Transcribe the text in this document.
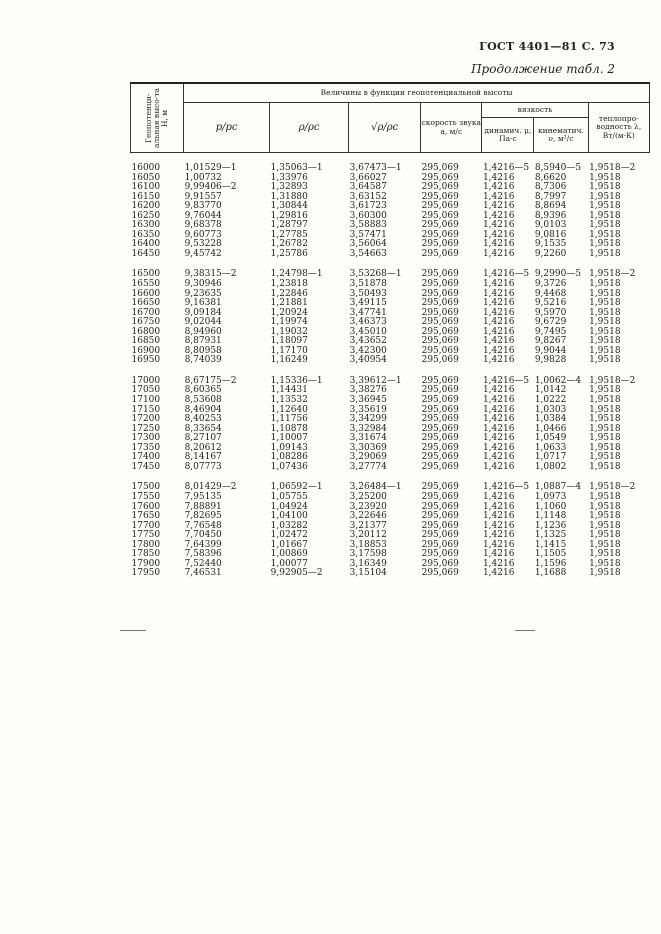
ГОСТ 4401—81 С. 73
Продолжение табл. 2
Геопотенци-альная высо-та H, м	Величины в функции геопотенциальной высоты						
	p/pc	ρ/ρc	√ρ/ρc	скорость звука a, м/с	вязкость		теплопро-водность λ, Вт/(м·К)
					динамич. μ, Па·с	кинематич. ν, м²/с	

16000	1,01529—1	1,35063—1	3,67473—1	295,069	1,4216—5	8,5940—5	1,9518—2
16050	1,00732	1,33976	3,66027	295,069	1,4216	8,6620	1,9518
16100	9,99406—2	1,32893	3,64587	295,069	1,4216	8,7306	1,9518
16150	9,91557	1,31880	3,63152	295,069	1,4216	8,7997	1,9518
16200	9,83770	1,30844	3,61723	295,069	1,4216	8,8694	1,9518
16250	9,76044	1,29816	3,60300	295,069	1,4216	8,9396	1,9518
16300	9,68378	1,28797	3,58883	295,069	1,4216	9,0103	1,9518
16350	9,60773	1,27785	3,57471	295,069	1,4216	9,0816	1,9518
16400	9,53228	1,26782	3,56064	295,069	1,4216	9,1535	1,9518
16450	9,45742	1,25786	3,54663	295,069	1,4216	9,2260	1,9518

16500	9,38315—2	1,24798—1	3,53268—1	295,069	1,4216—5	9,2990—5	1,9518—2
16550	9,30946	1,23818	3,51878	295,069	1,4216	9,3726	1,9518
16600	9,23635	1,22846	3,50493	295,069	1,4216	9,4468	1,9518
16650	9,16381	1,21881	3,49115	295,069	1,4216	9,5216	1,9518
16700	9,09184	1,20924	3,47741	295,069	1,4216	9,5970	1,9518
16750	9,02044	1,19974	3,46373	295,069	1,4216	9,6729	1,9518
16800	8,94960	1,19032	3,45010	295,069	1,4216	9,7495	1,9518
16850	8,87931	1,18097	3,43652	295,069	1,4216	9,8267	1,9518
16900	8,80958	1,17170	3,42300	295,069	1,4216	9,9044	1,9518
16950	8,74039	1,16249	3,40954	295,069	1,4216	9,9828	1,9518

17000	8,67175—2	1,15336—1	3,39612—1	295,069	1,4216—5	1,0062—4	1,9518—2
17050	8,60365	1,14431	3,38276	295,069	1,4216	1,0142	1,9518
17100	8,53608	1,13532	3,36945	295,069	1,4216	1,0222	1,9518
17150	8,46904	1,12640	3,35619	295,069	1,4216	1,0303	1,9518
17200	8,40253	1,11756	3,34299	295,069	1,4216	1,0384	1,9518
17250	8,33654	1,10878	3,32984	295,069	1,4216	1,0466	1,9518
17300	8,27107	1,10007	3,31674	295,069	1,4216	1,0549	1,9518
17350	8,20612	1,09143	3,30369	295,069	1,4216	1,0633	1,9518
17400	8,14167	1,08286	3,29069	295,069	1,4216	1,0717	1,9518
17450	8,07773	1,07436	3,27774	295,069	1,4216	1,0802	1,9518

17500	8,01429—2	1,06592—1	3,26484—1	295,069	1,4216—5	1,0887—4	1,9518—2
17550	7,95135	1,05755	3,25200	295,069	1,4216	1,0973	1,9518
17600	7,88891	1,04924	3,23920	295,069	1,4216	1,1060	1,9518
17650	7,82695	1,04100	3,22646	295,069	1,4216	1,1148	1,9518
17700	7,76548	1,03282	3,21377	295,069	1,4216	1,1236	1,9518
17750	7,70450	1,02472	3,20112	295,069	1,4216	1,1325	1,9518
17800	7,64399	1,01667	3,18853	295,069	1,4216	1,1415	1,9518
17850	7,58396	1,00869	3,17598	295,069	1,4216	1,1505	1,9518
17900	7,52440	1,00077	3,16349	295,069	1,4216	1,1596	1,9518
17950	7,46531	9,92905—2	3,15104	295,069	1,4216	1,1688	1,9518
